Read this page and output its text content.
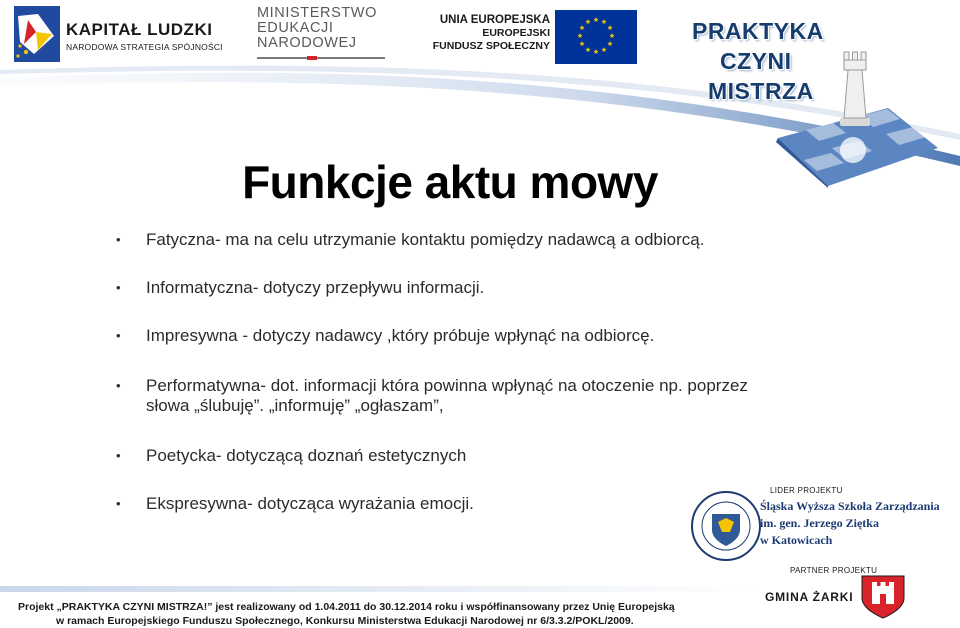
KAPITAŁ LUDZKI
NARODOWA STRATEGIA SPÓJNOŚCI
MINISTERSTWO
EDUKACJI
NARODOWEJ
UNIA EUROPEJSKA
EUROPEJSKI
FUNDUSZ SPOŁECZNY
★ ★
★
★
★
★
★
★
★
★
★
★	PRAKTYKA
CZYNI
MISTRZA
Funkcje aktu mowy
• Fatyczna- ma na celu utrzymanie kontaktu pomiędzy nadawcą a odbiorcą.
• Informatyczna- dotyczy przepływu informacji.
• Impresywna - dotyczy nadawcy ,który próbuje wpłynąć na odbiorcę.
• Performatywna- dot. informacji która powinna wpłynąć na otoczenie np. poprzez słowa „ślubuję”. „informuję” „ogłaszam”,
• Poetycka- dotyczącą doznań estetycznych
• Ekspresywna- dotycząca wyrażania emocji.
LIDER PROJEKTU
Śląska Wyższa Szkoła Zarządzania
im. gen. Jerzego Ziętka
w Katowicach
PARTNER PROJEKTU
GMINA ŻARKI
Projekt „PRAKTYKA CZYNI MISTRZA!” jest realizowany od 1.04.2011 do 30.12.2014 roku i współfinansowany przez Unię Europejską
w ramach Europejskiego Funduszu Społecznego, Konkursu Ministerstwa Edukacji Narodowej nr 6/3.3.2/POKL/2009.
